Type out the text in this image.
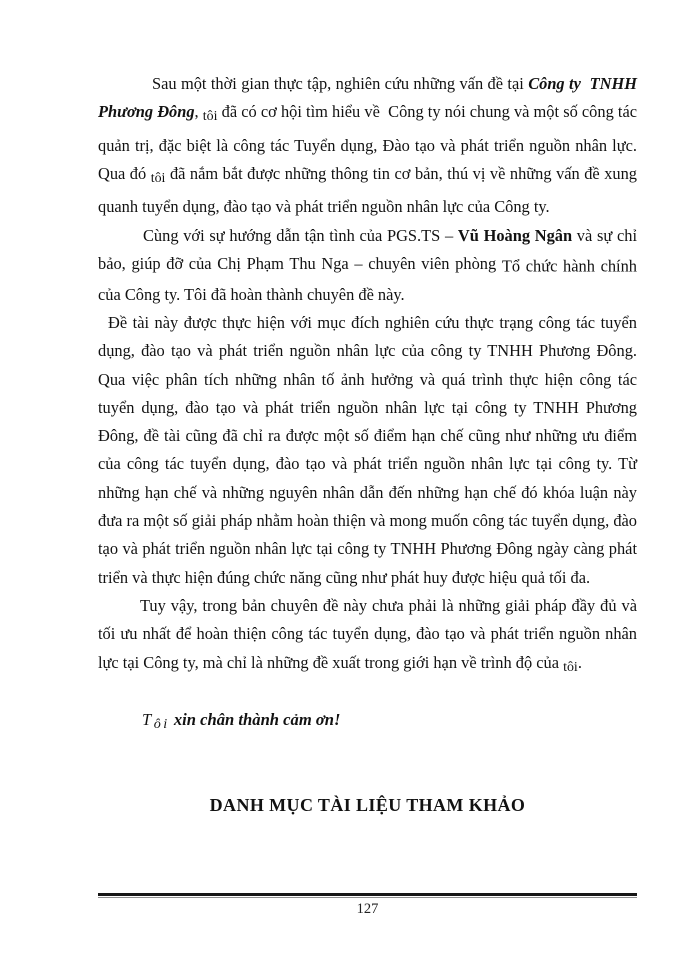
Sau một thời gian thực tập, nghiên cứu những vấn đề tại Công ty  TNHH Phương Đông, tôi đã có cơ hội tìm hiểu về  Công ty nói chung và một số công tác quản trị, đặc biệt là công tác Tuyển dụng, Đào tạo và phát triển nguồn nhân lực. Qua đó tôi đã nắm bắt được những thông tin cơ bản, thú vị về những vấn đề xung quanh tuyển dụng, đào tạo và phát triển nguồn nhân lực của Công ty.

Cùng với sự hướng dẫn tận tình của PGS.TS – Vũ Hoàng Ngân và sự chỉ bảo, giúp đỡ của Chị Phạm Thu Nga – chuyên viên phòng Tổ chức hành chính của Công ty. Tôi đã hoàn thành chuyên đề này.

Đề tài này được thực hiện với mục đích nghiên cứu thực trạng công tác tuyển dụng, đào tạo và phát triển nguồn nhân lực của công ty TNHH Phương Đông. Qua việc phân tích những nhân tố ảnh hưởng và quá trình thực hiện công tác tuyển dụng, đào tạo và phát triển nguồn nhân lực tại công ty TNHH Phương Đông, đề tài cũng đã chỉ ra được một số điểm hạn chế cũng như những ưu điểm của công tác tuyển dụng, đào tạo và phát triển nguồn nhân lực tại công ty. Từ những hạn chế và những nguyên nhân dẫn đến những hạn chế đó khóa luận này đưa ra một số giải pháp nhằm hoàn thiện và mong muốn công tác tuyển dụng, đào tạo và phát triển nguồn nhân lực tại công ty TNHH Phương Đông ngày càng phát triển và thực hiện đúng chức năng cũng như phát huy được hiệu quả tối đa.

Tuy vậy, trong bản chuyên đề này chưa phải là những giải pháp đầy đủ và tối ưu nhất để hoàn thiện công tác tuyển dụng, đào tạo và phát triển nguồn nhân lực tại Công ty, mà chỉ là những đề xuất trong giới hạn về trình độ của tôi.

Tôi xin chân thành cảm ơn!

DANH MỤC TÀI LIỆU THAM KHẢO
127
